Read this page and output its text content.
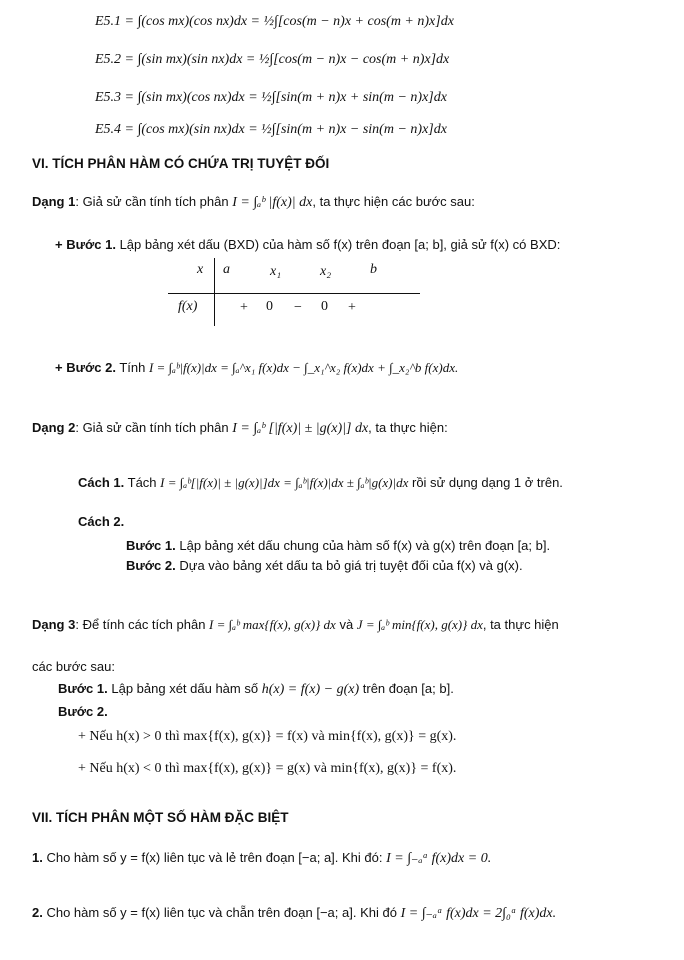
E5.1 = ∫(cos mx)(cos nx)dx = ½∫[cos(m − n)x + cos(m + n)x]dx
E5.2 = ∫(sin mx)(sin nx)dx = ½∫[cos(m − n)x − cos(m + n)x]dx
E5.3 = ∫(sin mx)(cos nx)dx = ½∫[sin(m + n)x + sin(m − n)x]dx
E5.4 = ∫(cos mx)(sin nx)dx = ½∫[sin(m + n)x − sin(m − n)x]dx
VI. TÍCH PHÂN HÀM CÓ CHỨA TRỊ TUYỆT ĐỐI
Dạng 1: Giả sử cần tính tích phân I = ∫ₐᵇ |f(x)| dx, ta thực hiện các bước sau:
+ Bước 1. Lập bảng xét dấu (BXD) của hàm số f(x) trên đoạn [a; b], giả sử f(x) có BXD:
x a	x₁	x₂	b
f(x)	+ 0 − 0 +
+ Bước 2. Tính I = ∫ₐᵇ|f(x)|dx = ∫ₐ^x₁ f(x)dx − ∫_x₁^x₂ f(x)dx + ∫_x₂^b f(x)dx.
Dạng 2: Giả sử cần tính tích phân I = ∫ₐᵇ [|f(x)| ± |g(x)|] dx, ta thực hiện:
Cách 1. Tách I = ∫ₐᵇ[|f(x)| ± |g(x)|]dx = ∫ₐᵇ|f(x)|dx ± ∫ₐᵇ|g(x)|dx rồi sử dụng dạng 1 ở trên.
Cách 2.
Bước 1. Lập bảng xét dấu chung của hàm số f(x) và g(x) trên đoạn [a; b].
Bước 2. Dựa vào bảng xét dấu ta bỏ giá trị tuyệt đối của f(x) và g(x).
Dạng 3: Để tính các tích phân I = ∫ₐᵇ max{f(x), g(x)} dx và J = ∫ₐᵇ min{f(x), g(x)} dx, ta thực hiện
các bước sau:
Bước 1. Lập bảng xét dấu hàm số h(x) = f(x) − g(x) trên đoạn [a; b].
Bước 2.
+ Nếu h(x) > 0 thì max{f(x), g(x)} = f(x) và min{f(x), g(x)} = g(x).
+ Nếu h(x) < 0 thì max{f(x), g(x)} = g(x) và min{f(x), g(x)} = f(x).
VII. TÍCH PHÂN MỘT SỐ HÀM ĐẶC BIỆT
1. Cho hàm số y = f(x) liên tục và lẻ trên đoạn [−a; a]. Khi đó: I = ∫₋ₐᵃ f(x)dx = 0.
2. Cho hàm số y = f(x) liên tục và chẵn trên đoạn [−a; a]. Khi đó I = ∫₋ₐᵃ f(x)dx = 2∫₀ᵃ f(x)dx.
